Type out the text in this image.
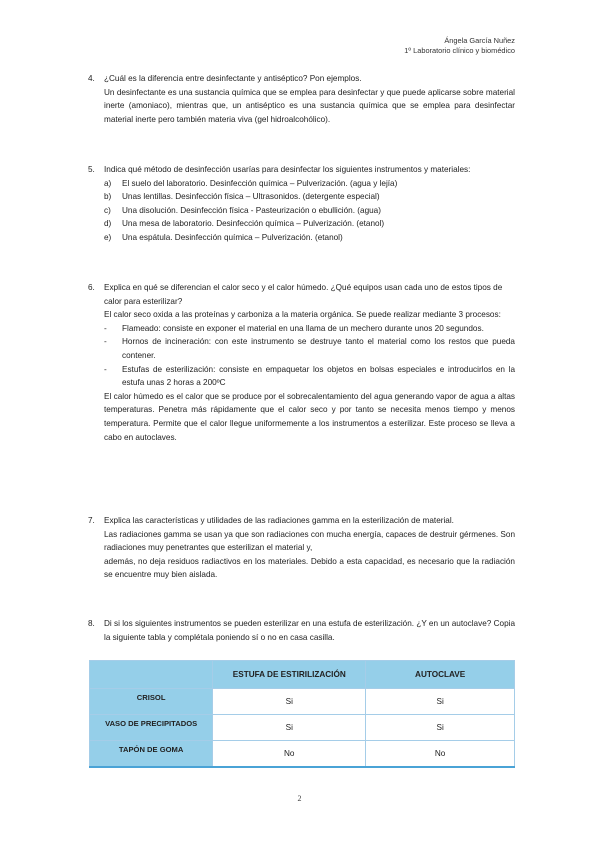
Ángela García Nuñez
1º Laboratorio clínico y biomédico
4.	¿Cuál es la diferencia entre desinfectante y antiséptico? Pon ejemplos.
Un desinfectante es una sustancia química que se emplea para desinfectar y que puede aplicarse sobre material inerte (amoniaco), mientras que, un antiséptico es una sustancia química que se emplea para desinfectar material inerte pero también materia viva (gel hidroalcohólico).
5.	Indica qué método de desinfección usarías para desinfectar los siguientes instrumentos y materiales:
a)	El suelo del laboratorio. Desinfección química – Pulverización. (agua y lejía)
b)	Unas lentillas. Desinfección física – Ultrasonidos. (detergente especial)
c)	Una disolución. Desinfección física - Pasteurización o ebullición. (agua)
d)	Una mesa de laboratorio. Desinfección química – Pulverización. (etanol)
e)	Una espátula. Desinfección química – Pulverización. (etanol)
6.	Explica en qué se diferencian el calor seco y el calor húmedo. ¿Qué equipos usan cada uno de estos tipos de calor para esterilizar?
El calor seco oxida a las proteínas y carboniza a la materia orgánica. Se puede realizar mediante 3 procesos:
-	Flameado: consiste en exponer el material en una llama de un mechero durante unos 20 segundos.
-	Hornos de incineración: con este instrumento se destruye tanto el material como los restos que pueda contener.
-	Estufas de esterilización: consiste en empaquetar los objetos en bolsas especiales e introducirlos en la estufa unas 2 horas a 200ºC
El calor húmedo es el calor que se produce por el sobrecalentamiento del agua generando vapor de agua a altas temperaturas. Penetra más rápidamente que el calor seco y por tanto se necesita menos tiempo y menos temperatura. Permite que el calor llegue uniformemente a los instrumentos a esterilizar. Este proceso se lleva a cabo en autoclaves.
7.	Explica las características y utilidades de las radiaciones gamma en la esterilización de material.
Las radiaciones gamma se usan ya que son radiaciones con mucha energía, capaces de destruir gérmenes. Son radiaciones muy penetrantes que esterilizan el material y,
además, no deja residuos radiactivos en los materiales. Debido a esta capacidad, es necesario que la radiación se encuentre muy bien aislada.
8.	Di si los siguientes instrumentos se pueden esterilizar en una estufa de esterilización. ¿Y en un autoclave? Copia la siguiente tabla y complétala poniendo sí o no en casa casilla.
	ESTUFA DE ESTIRILIZACIÓN	AUTOCLAVE
CRISOL	Si	Si
VASO DE PRECIPITADOS	Si	Si
TAPÓN DE GOMA	No	No
2
